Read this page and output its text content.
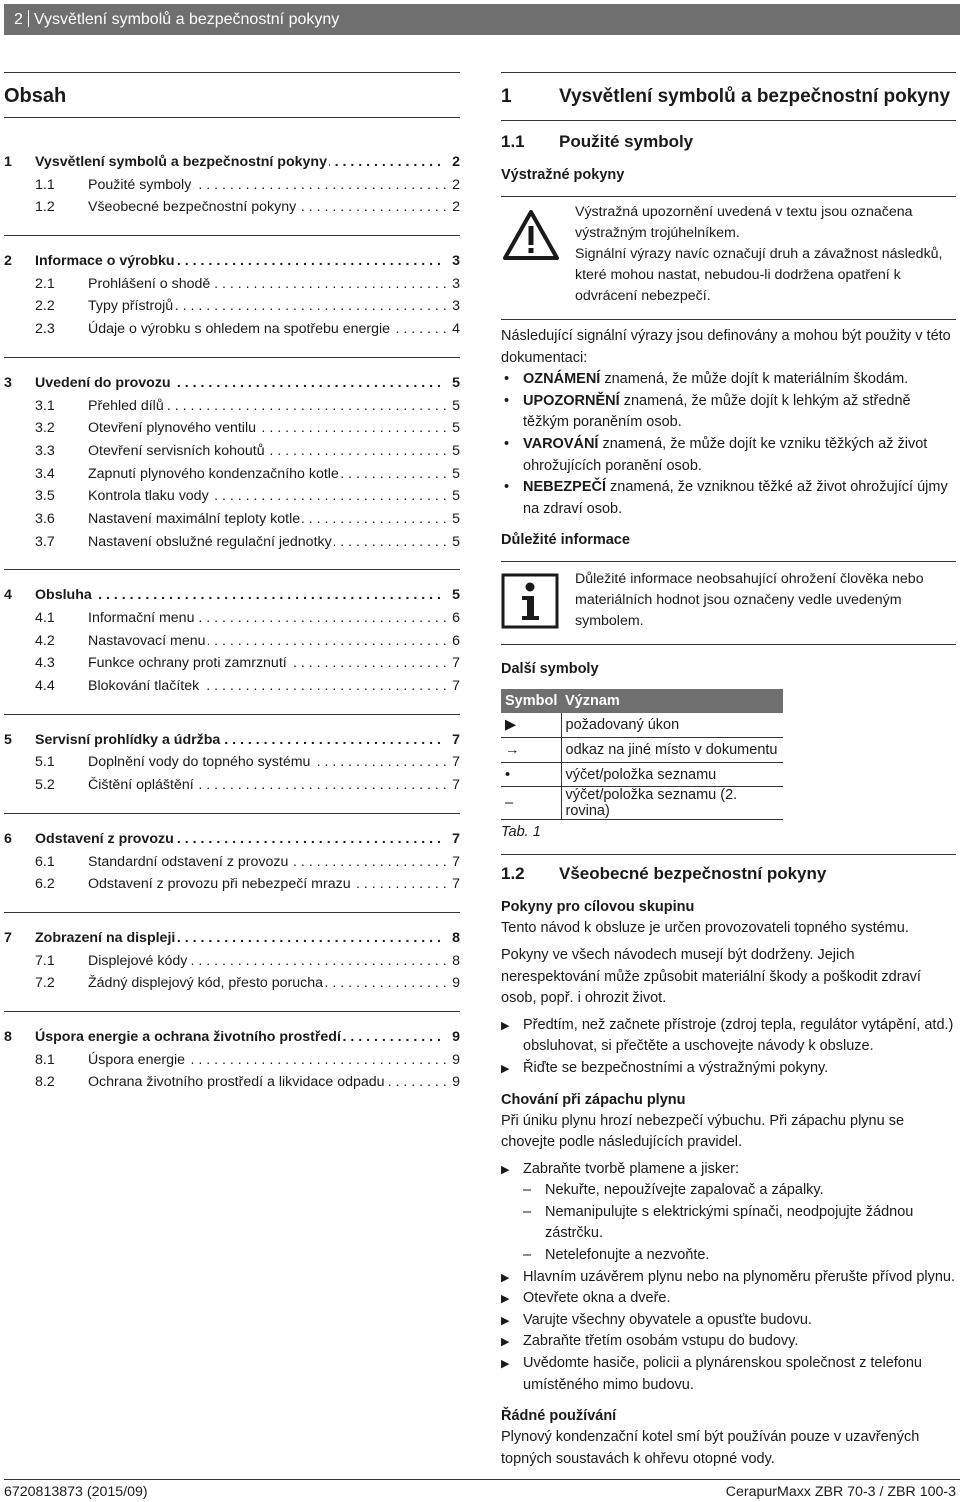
2 Vysvětlení symbolů a bezpečnostní pokyny
Obsah
1 Vysvětlení symbolů a bezpečnostní pokyny . . .	2
1.1 Použité symboly . . .	2
1.2 Všeobecné bezpečnostní pokyny . . .	2
2 Informace o výrobku . . .	3
2.1 Prohlášení o shodě . . .	3
2.2 Typy přístrojů . . .	3
2.3 Údaje o výrobku s ohledem na spotřebu energie . . .	4
3 Uvedení do provozu . . .	5
3.1 Přehled dílů . . .	5
3.2 Otevření plynového ventilu . . .	5
3.3 Otevření servisních kohoutů . . .	5
3.4 Zapnutí plynového kondenzačního kotle . . .	5
3.5 Kontrola tlaku vody . . .	5
3.6 Nastavení maximální teploty kotle . . .	5
3.7 Nastavení obslužné regulační jednotky . . .	5
4 Obsluha . . .	5
4.1 Informační menu . . .	6
4.2 Nastavovací menu . . .	6
4.3 Funkce ochrany proti zamrznutí . . .	7
4.4 Blokování tlačítek . . .	7
5 Servisní prohlídky a údržba . . .	7
5.1 Doplnění vody do topného systému . . .	7
5.2 Čištění opláštění . . .	7
6 Odstavení z provozu . . .	7
6.1 Standardní odstavení z provozu . . .	7
6.2 Odstavení z provozu při nebezpečí mrazu . . .	7
7 Zobrazení na displeji . . .	8
7.1 Displejové kódy . . .	8
7.2 Žádný displejový kód, přesto porucha . . .	9
8 Úspora energie a ochrana životního prostředí . . .	9
8.1 Úspora energie . . .	9
8.2 Ochrana životního prostředí a likvidace odpadu . . .	9
1 Vysvětlení symbolů a bezpečnostní pokyny
1.1 Použité symboly
Výstražné pokyny
Výstražná upozornění uvedená v textu jsou označena výstražným trojúhelníkem.
Signální výrazy navíc označují druh a závažnost následků, které mohou nastat, nebudou-li dodržena opatření k odvrácení nebezpečí.
Následující signální výrazy jsou definovány a mohou být použity v této dokumentaci:
• OZNÁMENÍ znamená, že může dojít k materiálním škodám.
• UPOZORNĚNÍ znamená, že může dojít k lehkým až středně těžkým poraněním osob.
• VAROVÁNÍ znamená, že může dojít ke vzniku těžkých až život ohrožujících poranění osob.
• NEBEZPEČÍ znamená, že vzniknou těžké až život ohrožující újmy na zdraví osob.
Důležité informace
Důležité informace neobsahující ohrožení člověka nebo materiálních hodnot jsou označeny vedle uvedeným symbolem.
Další symboly
Symbol	Význam
▶	požadovaný úkon
→	odkaz na jiné místo v dokumentu
•	výčet/položka seznamu
–	výčet/položka seznamu (2. rovina)
Tab. 1
1.2 Všeobecné bezpečnostní pokyny
Pokyny pro cílovou skupinu
Tento návod k obsluze je určen provozovateli topného systému.
Pokyny ve všech návodech musejí být dodrženy. Jejich nerespektování může způsobit materiální škody a poškodit zdraví osob, popř. i ohrozit život.
▶ Předtím, než začnete přístroje (zdroj tepla, regulátor vytápění, atd.) obsluhovat, si přečtěte a uschovejte návody k obsluze.
▶ Řiďte se bezpečnostními a výstražnými pokyny.
Chování při zápachu plynu
Při úniku plynu hrozí nebezpečí výbuchu. Při zápachu plynu se chovejte podle následujících pravidel.
▶ Zabraňte tvorbě plamene a jisker:
– Nekuřte, nepoužívejte zapalovač a zápalky.
– Nemanipulujte s elektrickými spínači, neodpojujte žádnou zástrčku.
– Netelefonujte a nezvoňte.
▶ Hlavním uzávěrem plynu nebo na plynoměru přerušte přívod plynu.
▶ Otevřete okna a dveře.
▶ Varujte všechny obyvatele a opusťte budovu.
▶ Zabraňte třetím osobám vstupu do budovy.
▶ Uvědomte hasiče, policii a plynárenskou společnost z telefonu umístěného mimo budovu.
Řádné používání
Plynový kondenzační kotel smí být používán pouze v uzavřených topných soustavách k ohřevu otopné vody.
6720813873 (2015/09)	CerapurMaxx ZBR 70-3 / ZBR 100-3
